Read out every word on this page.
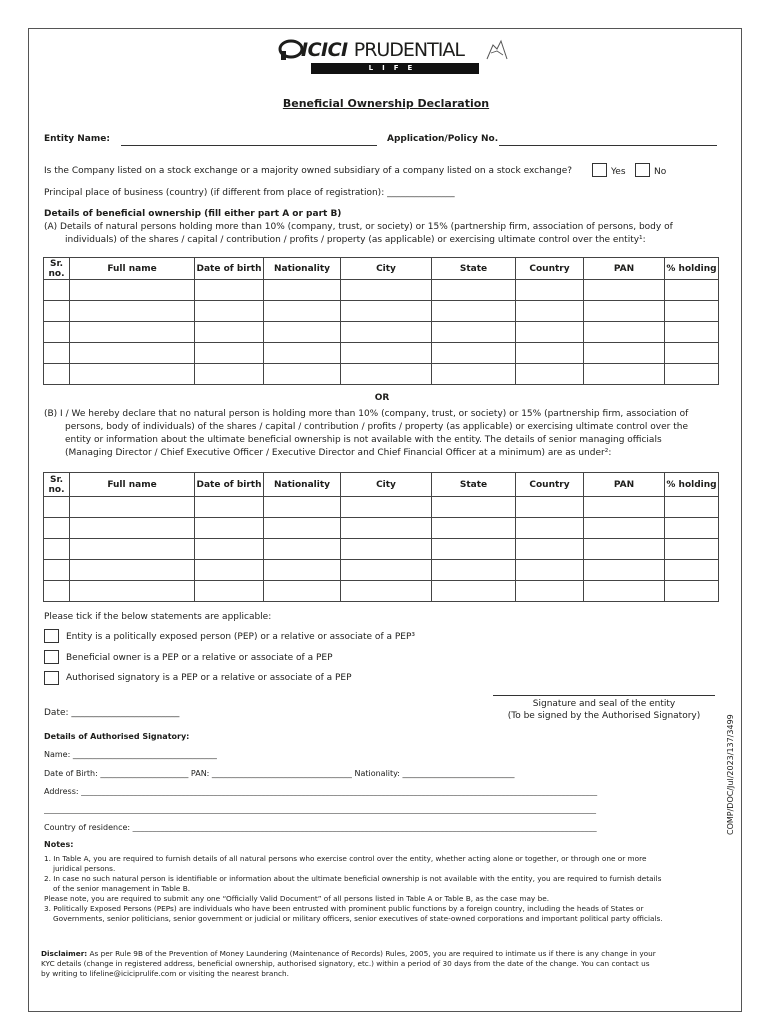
ICICI PRUDENTIAL
LIFE INSURANCE
Beneficial Ownership Declaration
Entity Name:	Application/Policy No.
Is the Company listed on a stock exchange or a majority owned subsidiary of a company listed on a stock exchange?	Yes	No
Principal place of business (country) (if different from place of registration): _______________
Details of beneficial ownership (fill either part A or part B)
(A) Details of natural persons holding more than 10% (company, trust, or society) or 15% (partnership firm, association of persons, body of
individuals) of the shares / capital / contribution / profits / property (as applicable) or exercising ultimate control over the entity¹:
Sr. no.	Full name	Date of birth	Nationality	City	State	Country	PAN	% holding

OR
(B) I / We hereby declare that no natural person is holding more than 10% (company, trust, or society) or 15% (partnership firm, association of
persons, body of individuals) of the shares / capital / contribution / profits / property (as applicable) or exercising ultimate control over the
entity or information about the ultimate beneficial ownership is not available with the entity. The details of senior managing officials
(Managing Director / Chief Executive Officer / Executive Director and Chief Financial Officer at a minimum) are as under²:
Sr. no.	Full name	Date of birth	Nationality	City	State	Country	PAN	% holding

Please tick if the below statements are applicable:
Entity is a politically exposed person (PEP) or a relative or associate of a PEP³
Beneficial owner is a PEP or a relative or associate of a PEP
Authorised signatory is a PEP or a relative or associate of a PEP
Signature and seal of the entity
(To be signed by the Authorised Signatory)
Date: ________________________
Details of Authorised Signatory:
Name: ____________________________________
Date of Birth: ______________________ PAN: ___________________________________ Nationality: ____________________________
Address: _________________________________________________________________________________________________________________________________
__________________________________________________________________________________________________________________________________________
Country of residence: ____________________________________________________________________________________________________________________
Notes:
1. In Table A, you are required to furnish details of all natural persons who exercise control over the entity, whether acting alone or together, or through one or more
juridical persons.
2. In case no such natural person is identifiable or information about the ultimate beneficial ownership is not available with the entity, you are required to furnish details
of the senior management in Table B.
Please note, you are required to submit any one “Officially Valid Document” of all persons listed in Table A or Table B, as the case may be.
3. Politically Exposed Persons (PEPs) are individuals who have been entrusted with prominent public functions by a foreign country, including the heads of States or
Governments, senior politicians, senior government or judicial or military officers, senior executives of state-owned corporations and important political party officials.
Disclaimer: As per Rule 9B of the Prevention of Money Laundering (Maintenance of Records) Rules, 2005, you are required to intimate us if there is any change in your
KYC details (change in registered address, beneficial ownership, authorised signatory, etc.) within a period of 30 days from the date of the change. You can contact us
by writing to lifeline@iciciprulife.com or visiting the nearest branch.
COMP/DOC/Jul/2023/137/3499
